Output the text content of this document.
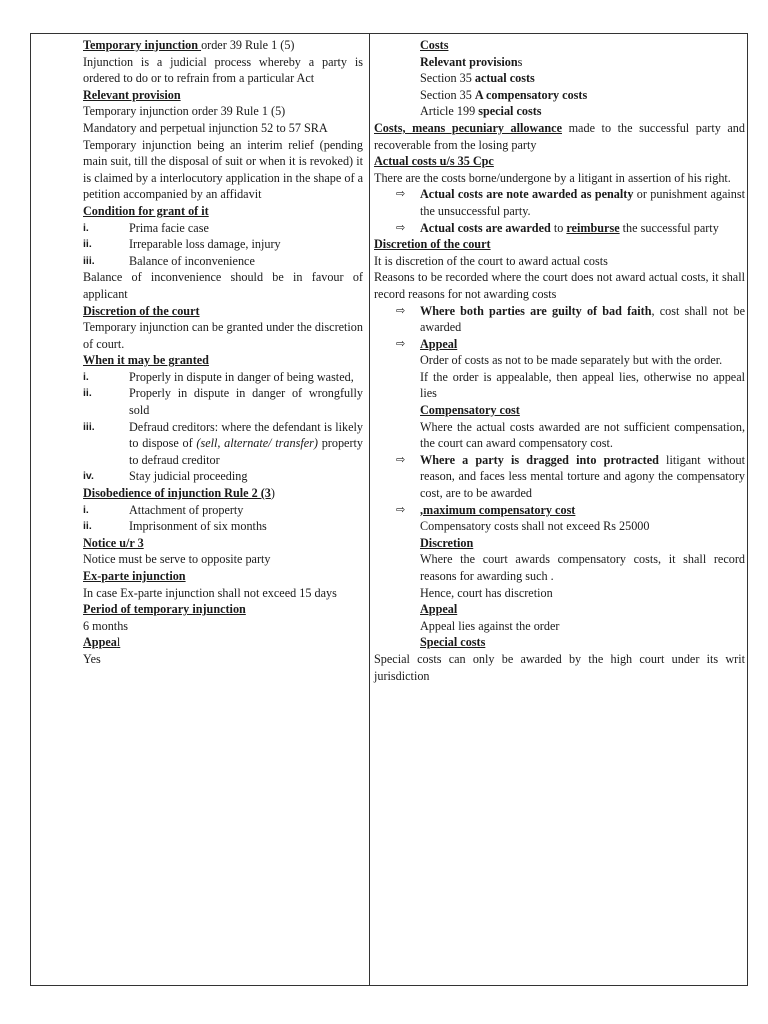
Temporary injunction order 39 Rule 1 (5)

Injunction is a judicial process whereby a party is ordered to do or to refrain from a particular Act

Relevant provision

Temporary injunction order 39 Rule 1 (5)

Mandatory and perpetual injunction 52 to 57 SRA

Temporary injunction being an interim relief (pending main suit, till the disposal of suit or when it is revoked) it is claimed by a interlocutory application in the shape of a petition accompanied by an affidavit

Condition for grant of it

i.	Prima facie case
ii.	Irreparable loss damage, injury
iii.	Balance of inconvenience

Balance of inconvenience should be in favour of applicant

Discretion of the court

Temporary injunction can be granted under the discretion of court.

When it may be granted

i.	Properly in dispute in danger of being wasted,
ii.	Properly in dispute in danger of wrongfully sold
iii.	Defraud creditors: where the defendant is likely to dispose of (sell, alternate/ transfer) property to defraud creditor
iv.	Stay judicial proceeding

Disobedience of injunction Rule 2 (3)

i.	Attachment of property
ii.	Imprisonment of six months

Notice u/r 3

Notice must be serve to opposite party

Ex-parte injunction

In case Ex-parte injunction shall not exceed 15 days

Period of temporary injunction

6 months

Appeal

Yes

Costs

Relevant provisions

Section 35 actual costs

Section 35 A compensatory costs

Article 199 special costs

Costs, means pecuniary allowance made to the successful party and recoverable from the losing party

Actual costs u/s 35 Cpc

There are the costs borne/undergone by a litigant in assertion of his right.

⇨ Actual costs are note awarded as penalty or punishment against the unsuccessful party.
⇨ Actual costs are awarded to reimburse the successful party

Discretion of the court

It is discretion of the court to award actual costs

Reasons to be recorded where the court does not award actual costs, it shall record reasons for not awarding costs

⇨ Where both parties are guilty of bad faith, cost shall not be awarded
⇨ Appeal

Order of costs as not to be made separately but with the order.

If the order is appealable, then appeal lies, otherwise no appeal lies

Compensatory cost

Where the actual costs awarded are not sufficient compensation, the court can award compensatory cost.

⇨ Where a party is dragged into protracted litigant without reason, and faces less mental torture and agony the compensatory cost, are to be awarded
⇨ ,maximum compensatory cost

Compensatory costs shall not exceed Rs 25000

Discretion

Where the court awards compensatory costs, it shall record reasons for awarding such .

Hence, court has discretion

Appeal

Appeal lies against the order

Special costs

Special costs can only be awarded by the high court under its writ jurisdiction
